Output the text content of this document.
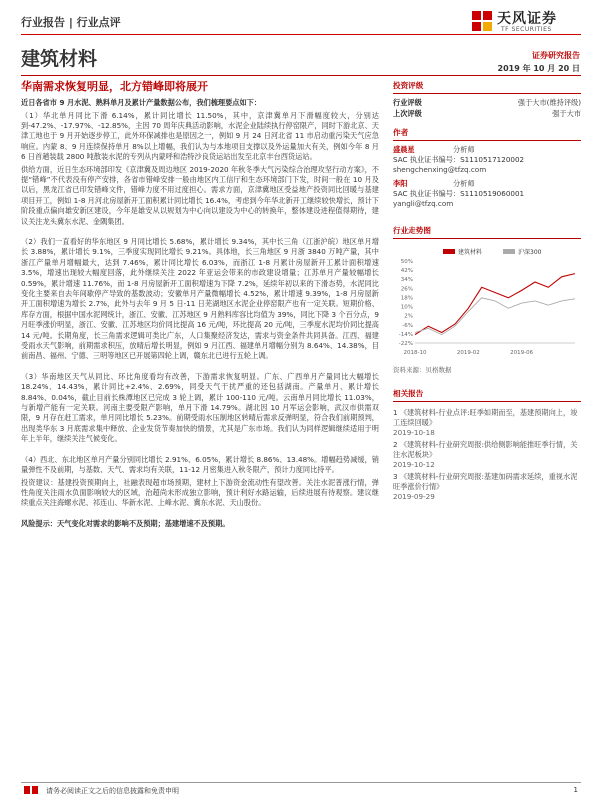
行业报告 | 行业点评	天风证券
TF SECURITIES
建筑材料	证券研究报告
2019 年 10 月 20 日
华南需求恢复明显，北方错峰即将展开
近日各省市 9 月水泥、熟料单月及累计产量数据公布，我们梳理要点如下：
（1）华北单月同比下滑 6.14%，累计同比增长 11.50%，其中，京津冀单月下滑幅度较大，分别达到-47.2%、-17.97%、-12.85%，主因 70 周年庆典活动影响，水泥企业陆续执行停窑限产，同时下游北京、天津工地也于 9 月开始逐步停工，此外环保减排也是原因之一，例如 9 月 24 日河北省 11 市启动重污染天气应急响应。内蒙 8、9 月连续保持单月 8%以上增幅，我们认为与本地项目支撑以及外运量加大有关，例如今年 8 月 6 日首趟装载 2800 吨散装水泥的专列从内蒙呼和浩特沙良货运站出发至北京丰台西货运站。
供给方面，近日生态环境部印发《京津冀及周边地区 2019-2020 年秋冬季大气污染综合治理攻坚行动方案》，不提“错峰”不代表没有停产安排，各省市错峰安排一般由地区内工信厅和生态环境部门下发，时间一般在 10 月及以后，黑龙江省已印发错峰文件，错峰力度不用过度担心。需求方面，京津冀地区受益地产投资同比回暖与基建项目开工，例如 1-8 月河北房屋新开工面积累计同比增长 16.4%，考虑到今年华北新开工继续较快增长，预计下阶段重点偏向雄安新区建设，今年是雄安从以规划为中心向以建设为中心的转换年，整体建设进程值得期待，建议关注龙头冀东水泥、金隅集团。
（2）我们一直看好的华东地区 9 月同比增长 5.68%，累计增长 9.34%，其中长三角（江浙沪皖）地区单月增长 3.88%，累计增长 9.1%，三季度实现同比增长 9.21%。具体地，长三角地区 9 月浙 3840 万吨产量，其中浙江产量单月增幅最大，达到 7.46%，累计同比增长 6.03%，而浙江 1-8 月累计房屋新开工累计面积增速 3.5%，增速出现较大幅度回落，此外继续关注 2022 年亚运会带来的市政建设增量；江苏单月产量较幅增长 0.59%，累计增速 11.76%，而 1-8 月房屋新开工面积增速为下降 7.2%，延续年初以来的下滑态势，水泥同比变化主要来自去年间歇停产导致的基数波动；安徽单月产量微幅增长 4.52%，累计增速 9.39%，1-8 月房屋新开工面积增速为增长 2.7%，此外与去年 9 月 5 日-11 日芜湖地区水泥企业停窑限产也有一定关联。短期价格、库存方面，根据中国水泥网统计，浙江、安徽、江苏地区 9 月熟料库容比均值为 39%，同比下降 3 个百分点，9 月旺季涨价明显，浙江、安徽、江苏地区均价同比提高 16 元/吨，环比提高 20 元/吨，三季度水泥均价同比提高 14 元/吨。长期角度，长三角需求逻辑可类比广东，人口集聚经济发达，需求与资金条件共同具备。江西、福建受雨水天气影响，前期需求积压，放晴后增长明显，例如 9 月江西、福建单月增幅分别为 8.64%、14.38%，目前南昌、福州、宁德、三明等地区已开展第四轮上调，赣东北已进行五轮上调。
（3）华南地区天气从同比、环比角度看均有改善，下游需求恢复明显。广东、广西单月产量同比大幅增长 18.24%、14.43%，累计同比+2.4%、2.69%，同受天气干扰严重的还包括湖南。产量单月、累计增长 8.84%、0.04%，截止目前长株潭地区已完成 3 轮上调，累计 100-110 元/吨。云南单月同比增长 11.03%，与新增产能有一定关联。河南主要受限产影响，单月下滑 14.79%。湖北因 10 月军运会影响，武汉市供需双限，9 月存在赶工需求，单月同比增长 5.23%。前期受雨水压制地区转晴后需求反弹明显，符合我们前期预判，出现类华东 3 月底需求集中释放、企业发货节奏加快的情景，尤其是广东市场。我们认为同样逻辑继续适用于明年上半年，继续关注气候变化。
（4）西北、东北地区单月产量分别同比增长 2.91%、6.05%，累计增长 8.86%、13.48%。增幅趋势减缓，销量弹性不及前期，与基数、天气、需求均有关联，11-12 月密集进入秋冬限产，预计力度同比持平。
投资建议：基建投资预期向上，社融表现超市场预期，建材上下游资金流动性有望改善。关注水泥普涨行情，弹性角度关注雨水负面影响较大的区域，治超尚未形成独立影响，预计利好水路运输，后续进展有待观察。建议继续重点关注海螺水泥、祁连山、华新水泥、上峰水泥、冀东水泥、天山股份。
风险提示：天气变化对需求的影响不及预期；基建增速不及预期。
投资评级
行业评级	强于大市(维持评级)
上次评级	强于大市
作者
盛晨星	分析师
SAC 执业证书编号：S1110517120002
shengchenxing@tfzq.com
李阳	分析师
SAC 执业证书编号：S1110519060001
yangli@tfzq.com
行业走势图
50%
42%
34%
26%
18%
10%
2%
-6%
-14%
-22%
2018-10	2019-02	2019-06
建筑材料	沪深300
资料来源：贝格数据
相关报告
1 《建筑材料-行业点评:旺季如期而至，基建预期向上，竣工连续回暖》
2019-10-18
2 《建筑材料-行业研究周报:供给侧影响能推旺季行情，关注水泥板块》
2019-10-12
3 《建筑材料-行业研究周报:基建加码需求延续，重视水泥旺季涨价行情》
2019-09-29
请务必阅读正文之后的信息披露和免责申明	1
